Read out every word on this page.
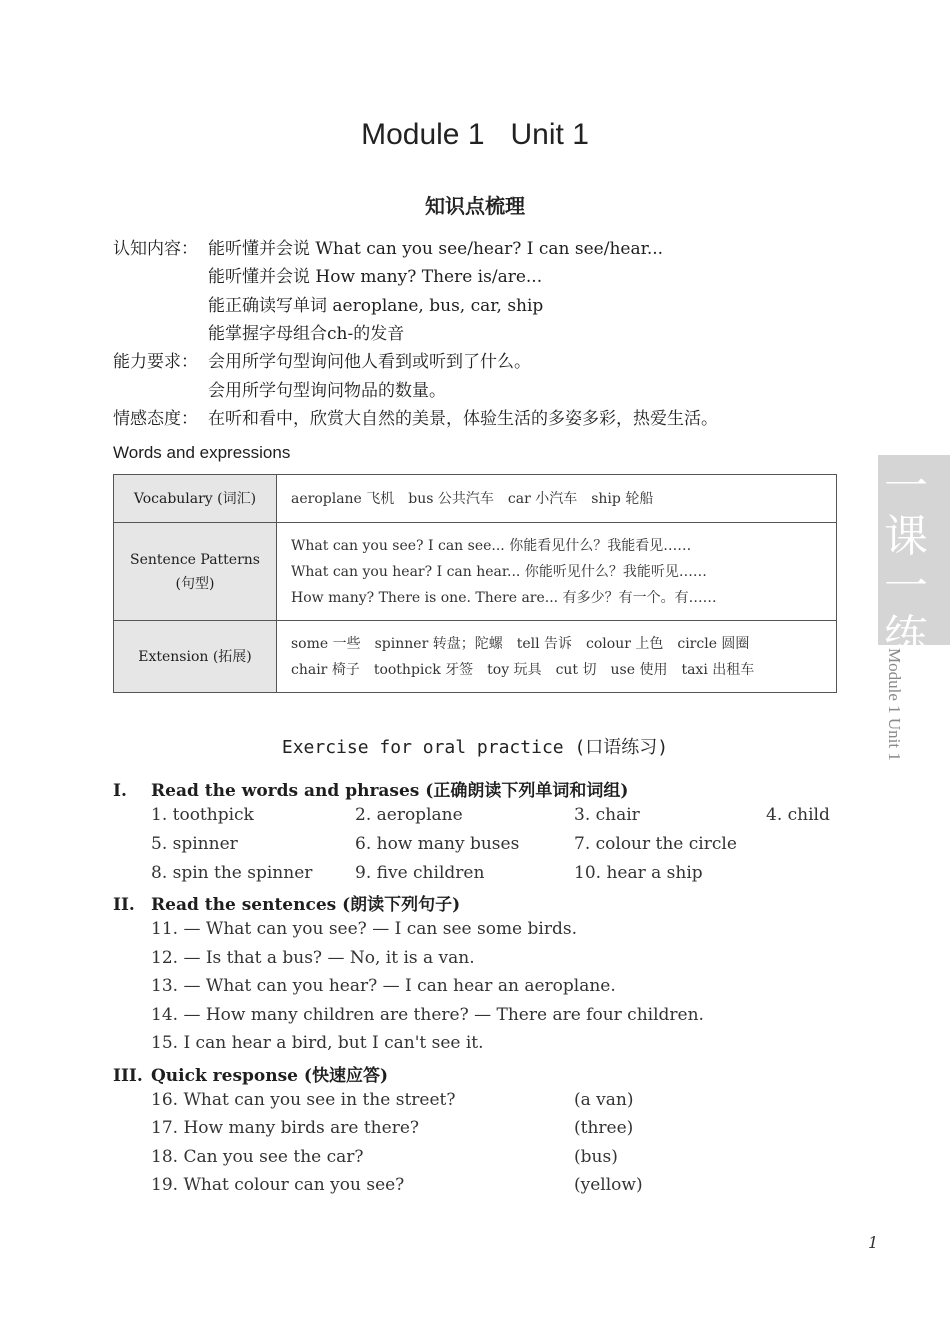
Module 1 Unit 1
知识点梳理
认知内容： 能听懂并会说 What can you see/hear? I can see/hear...
能听懂并会说 How many? There is/are...
能正确读写单词 aeroplane, bus, car, ship
能掌握字母组合ch-的发音
能力要求： 会用所学句型询问他人看到或听到了什么。
会用所学句型询问物品的数量。
情感态度： 在听和看中，欣赏大自然的美景，体验生活的多姿多彩，热爱生活。
Words and expressions
Vocabulary (词汇)	aeroplane 飞机　bus 公共汽车　car 小汽车　ship 轮船

Sentence Patterns (句型)	What can you see? I can see... 你能看见什么？我能看见……
What can you hear? I can hear... 你能听见什么？我能听见……
How many? There is one. There are... 有多少？有一个。有……

Extension (拓展)	some 一些　spinner 转盘；陀螺　tell 告诉　colour 上色　circle 圆圈
chair 椅子　toothpick 牙签　toy 玩具　cut 切　use 使用　taxi 出租车
Exercise for oral practice (口语练习)
I. Read the words and phrases (正确朗读下列单词和词组)
1. toothpick	2. aeroplane	3. chair	4. child
5. spinner	6. how many buses	7. colour the circle
8. spin the spinner	9. five children	10. hear a ship
II. Read the sentences (朗读下列句子)
11. — What can you see? — I can see some birds.
12. — Is that a bus? — No, it is a van.
13. — What can you hear? — I can hear an aeroplane.
14. — How many children are there? — There are four children.
15. I can hear a bird, but I can't see it.
III. Quick response (快速应答)
16. What can you see in the street?	(a van)
17. How many birds are there?	(three)
18. Can you see the car?	(bus)
19. What colour can you see?	(yellow)
一课一练
Module 1 Unit 1
1
